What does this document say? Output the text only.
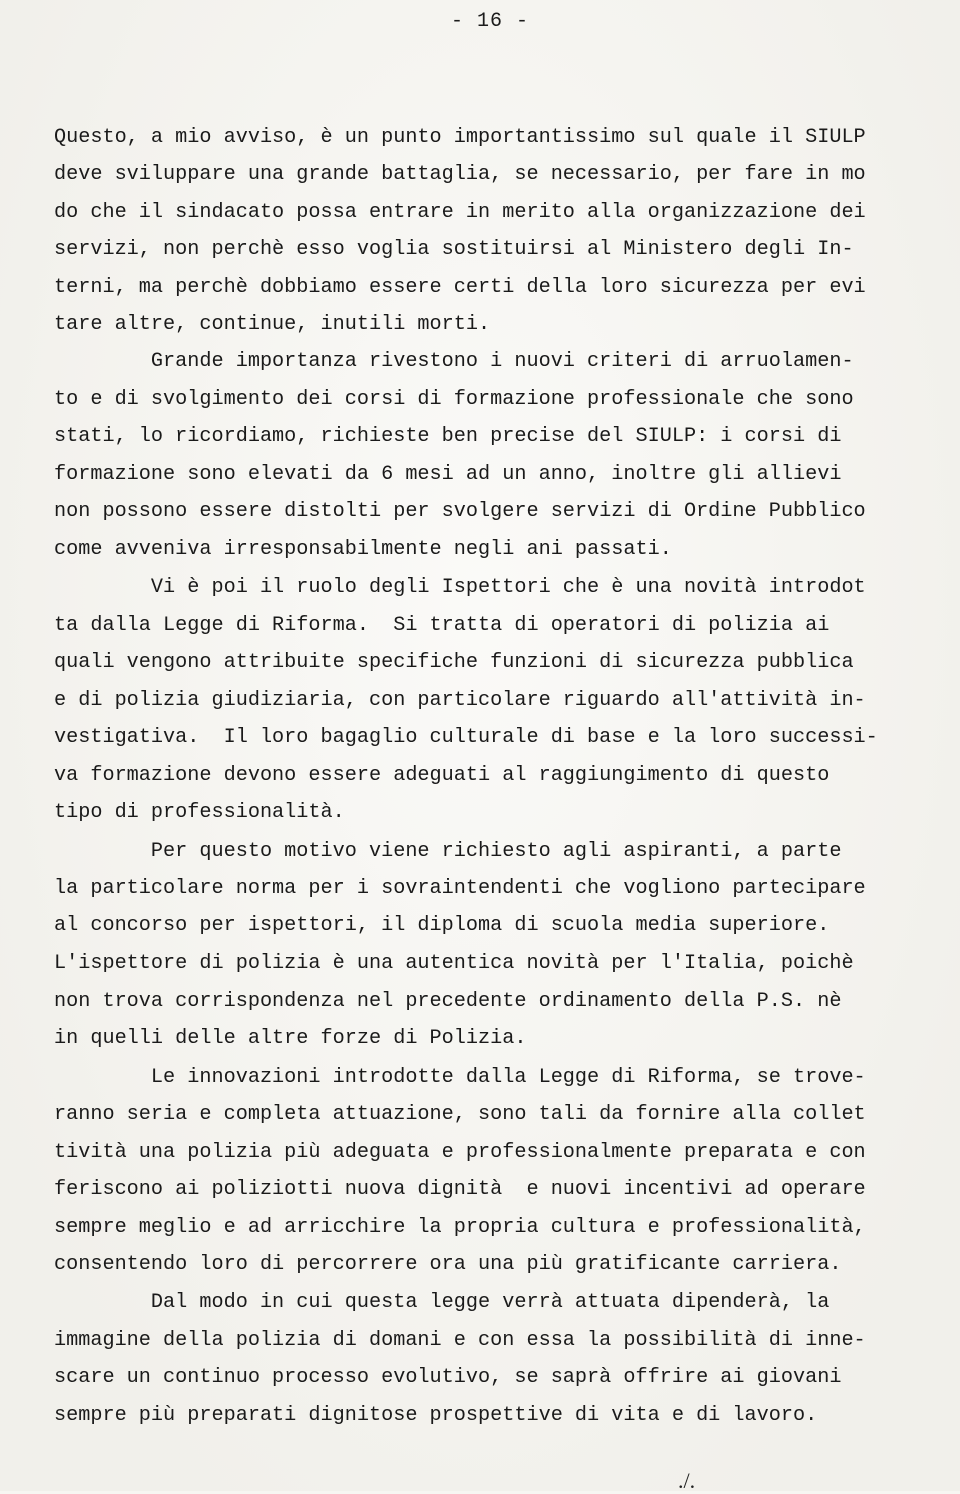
- 16 -
Questo, a mio avviso, è un punto importantissimo sul quale il SIULP
deve sviluppare una grande battaglia, se necessario, per fare in mo
do che il sindacato possa entrare in merito alla organizzazione dei
servizi, non perchè esso voglia sostituirsi al Ministero degli In-
terni, ma perchè dobbiamo essere certi della loro sicurezza per evi
tare altre, continue, inutili morti.
Grande importanza rivestono i nuovi criteri di arruolamen-
to e di svolgimento dei corsi di formazione professionale che sono
stati, lo ricordiamo, richieste ben precise del SIULP: i corsi di
formazione sono elevati da 6 mesi ad un anno, inoltre gli allievi
non possono essere distolti per svolgere servizi di Ordine Pubblico
come avveniva irresponsabilmente negli ani passati.
Vi è poi il ruolo degli Ispettori che è una novità introdot
ta dalla Legge di Riforma.  Si tratta di operatori di polizia ai
quali vengono attribuite specifiche funzioni di sicurezza pubblica
e di polizia giudiziaria, con particolare riguardo all'attività in-
vestigativa.  Il loro bagaglio culturale di base e la loro successi-
va formazione devono essere adeguati al raggiungimento di questo
tipo di professionalità.
Per questo motivo viene richiesto agli aspiranti, a parte
la particolare norma per i sovraintendenti che vogliono partecipare
al concorso per ispettori, il diploma di scuola media superiore.
L'ispettore di polizia è una autentica novità per l'Italia, poichè
non trova corrispondenza nel precedente ordinamento della P.S. nè
in quelli delle altre forze di Polizia.
Le innovazioni introdotte dalla Legge di Riforma, se trove-
ranno seria e completa attuazione, sono tali da fornire alla collet
tività una polizia più adeguata e professionalmente preparata e con
feriscono ai poliziotti nuova dignità  e nuovi incentivi ad operare
sempre meglio e ad arricchire la propria cultura e professionalità,
consentendo loro di percorrere ora una più gratificante carriera.
Dal modo in cui questa legge verrà attuata dipenderà, la
immagine della polizia di domani e con essa la possibilità di inne-
scare un continuo processo evolutivo, se saprà offrire ai giovani
sempre più preparati dignitose prospettive di vita e di lavoro.
./.
